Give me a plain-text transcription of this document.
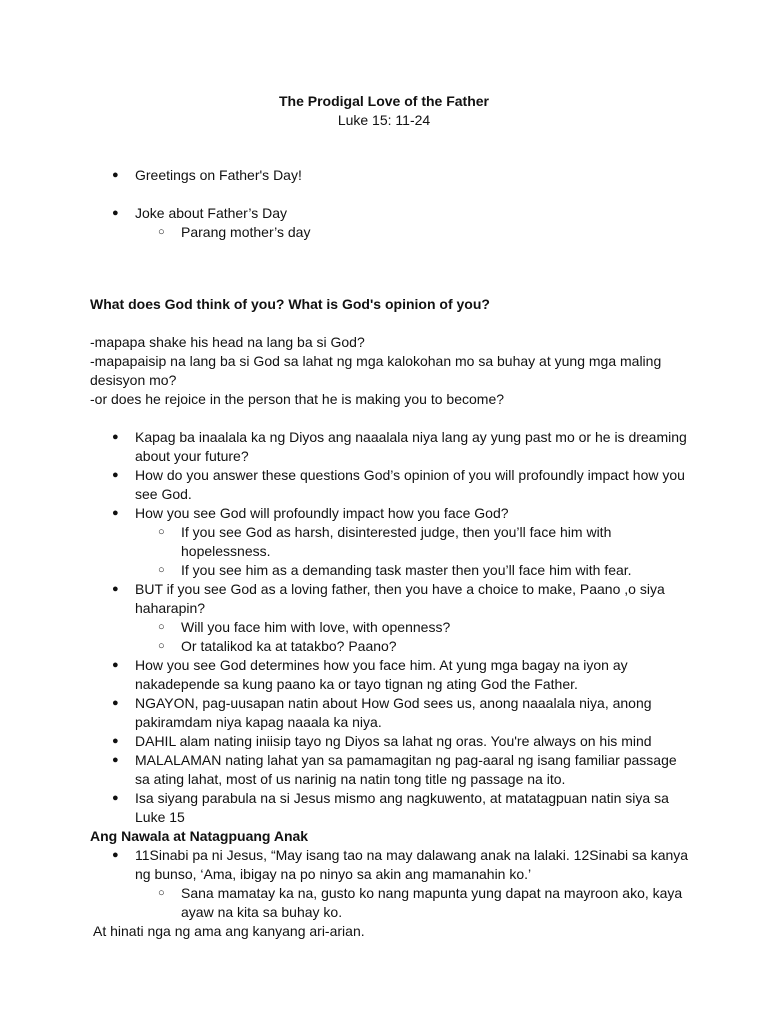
The Prodigal Love of the Father
Luke 15: 11-24
● Greetings on Father's Day!
● Joke about Father’s Day
○ Parang mother’s day
What does God think of you? What is God's opinion of you?
-mapapa shake his head na lang ba si God?
-mapapaisip na lang ba si God sa lahat ng mga kalokohan mo sa buhay at yung mga maling desisyon mo?
-or does he rejoice in the person that he is making you to become?
● Kapag ba inaalala ka ng Diyos ang naaalala niya lang ay yung past mo or he is dreaming about your future?
● How do you answer these questions God’s opinion of you will profoundly impact how you see God.
● How you see God will profoundly impact how you face God?
○ If you see God as harsh, disinterested judge, then you’ll face him with hopelessness.
○ If you see him as a demanding task master then you’ll face him with fear.
● BUT if you see God as a loving father, then you have a choice to make, Paano ,o siya haharapin?
○ Will you face him with love, with openness?
○ Or tatalikod ka at tatakbo? Paano?
● How you see God determines how you face him. At yung mga bagay na iyon ay nakadepende sa kung paano ka or tayo tignan ng ating God the Father.
● NGAYON, pag-uusapan natin about How God sees us, anong naaalala niya, anong pakiramdam niya kapag naaala ka niya.
● DAHIL alam nating iniisip tayo ng Diyos sa lahat ng oras. You're always on his mind
● MALALAMAN nating lahat yan sa pamamagitan ng pag-aaral ng isang familiar passage sa ating lahat, most of us narinig na natin tong title ng passage na ito.
● Isa siyang parabula na si Jesus mismo ang nagkuwento, at matatagpuan natin siya sa Luke 15
Ang Nawala at Natagpuang Anak
● 11Sinabi pa ni Jesus, “May isang tao na may dalawang anak na lalaki. 12Sinabi sa kanya ng bunso, ‘Ama, ibigay na po ninyo sa akin ang mamanahin ko.’
○ Sana mamatay ka na, gusto ko nang mapunta yung dapat na mayroon ako, kaya ayaw na kita sa buhay ko.
At hinati nga ng ama ang kanyang ari-arian.
